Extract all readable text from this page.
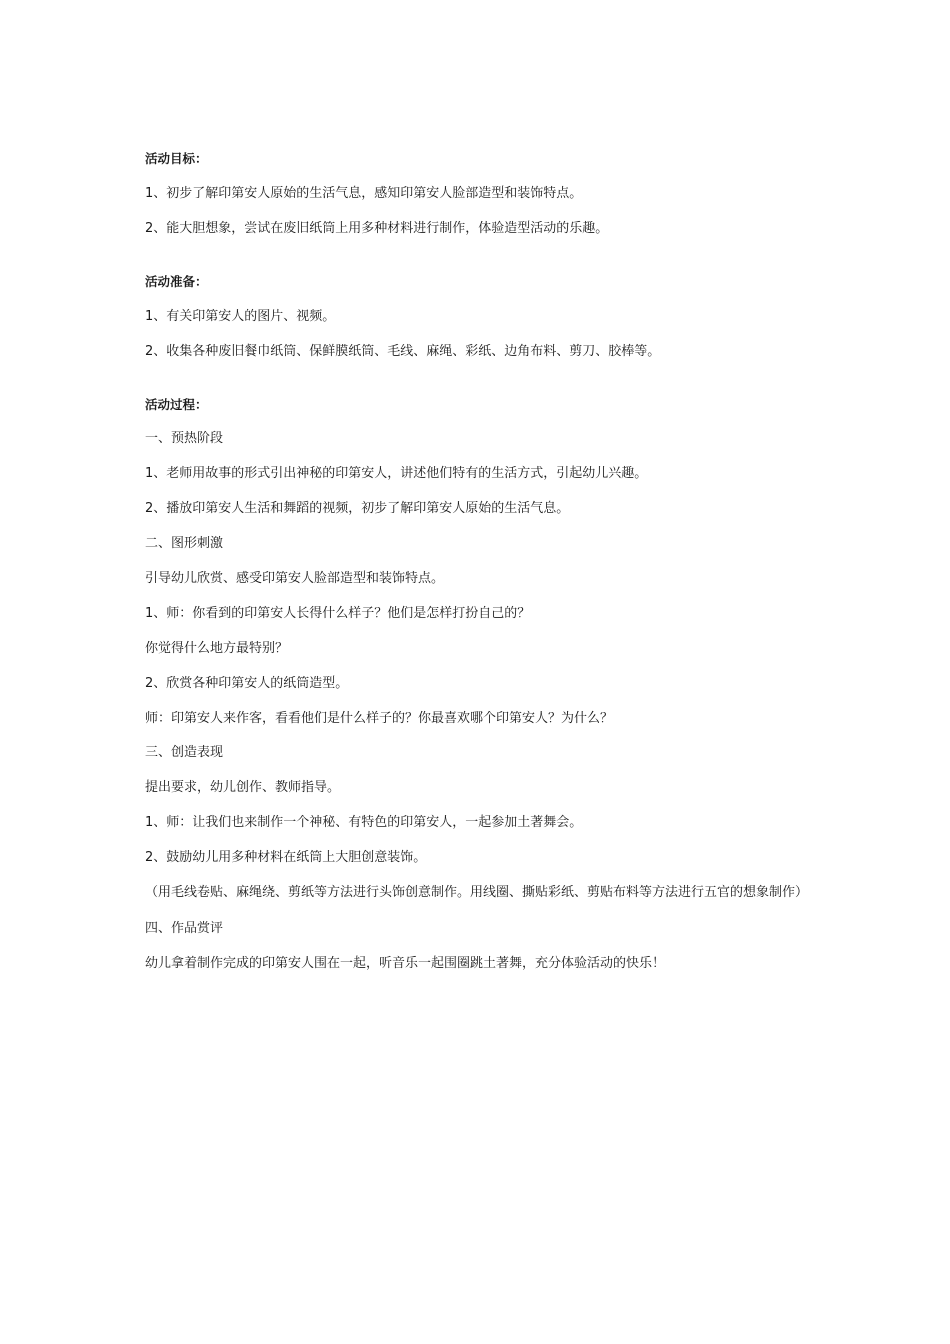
活动目标：

1、初步了解印第安人原始的生活气息，感知印第安人脸部造型和装饰特点。

2、能大胆想象，尝试在废旧纸筒上用多种材料进行制作，体验造型活动的乐趣。

活动准备：

1、有关印第安人的图片、视频。

2、收集各种废旧餐巾纸筒、保鲜膜纸筒、毛线、麻绳、彩纸、边角布料、剪刀、胶棒等。

活动过程：

一、预热阶段

1、老师用故事的形式引出神秘的印第安人，讲述他们特有的生活方式，引起幼儿兴趣。

2、播放印第安人生活和舞蹈的视频，初步了解印第安人原始的生活气息。

二、图形刺激

引导幼儿欣赏、感受印第安人脸部造型和装饰特点。

1、师：你看到的印第安人长得什么样子？他们是怎样打扮自己的？

你觉得什么地方最特别？

2、欣赏各种印第安人的纸筒造型。

师：印第安人来作客，看看他们是什么样子的？你最喜欢哪个印第安人？为什么？

三、创造表现

提出要求，幼儿创作、教师指导。

1、师：让我们也来制作一个神秘、有特色的印第安人，一起参加土著舞会。

2、鼓励幼儿用多种材料在纸筒上大胆创意装饰。

（用毛线卷贴、麻绳绕、剪纸等方法进行头饰创意制作。用线圈、撕贴彩纸、剪贴布料等方法进行五官的想象制作）

四、作品赏评

幼儿拿着制作完成的印第安人围在一起，听音乐一起围圈跳土著舞，充分体验活动的快乐！
